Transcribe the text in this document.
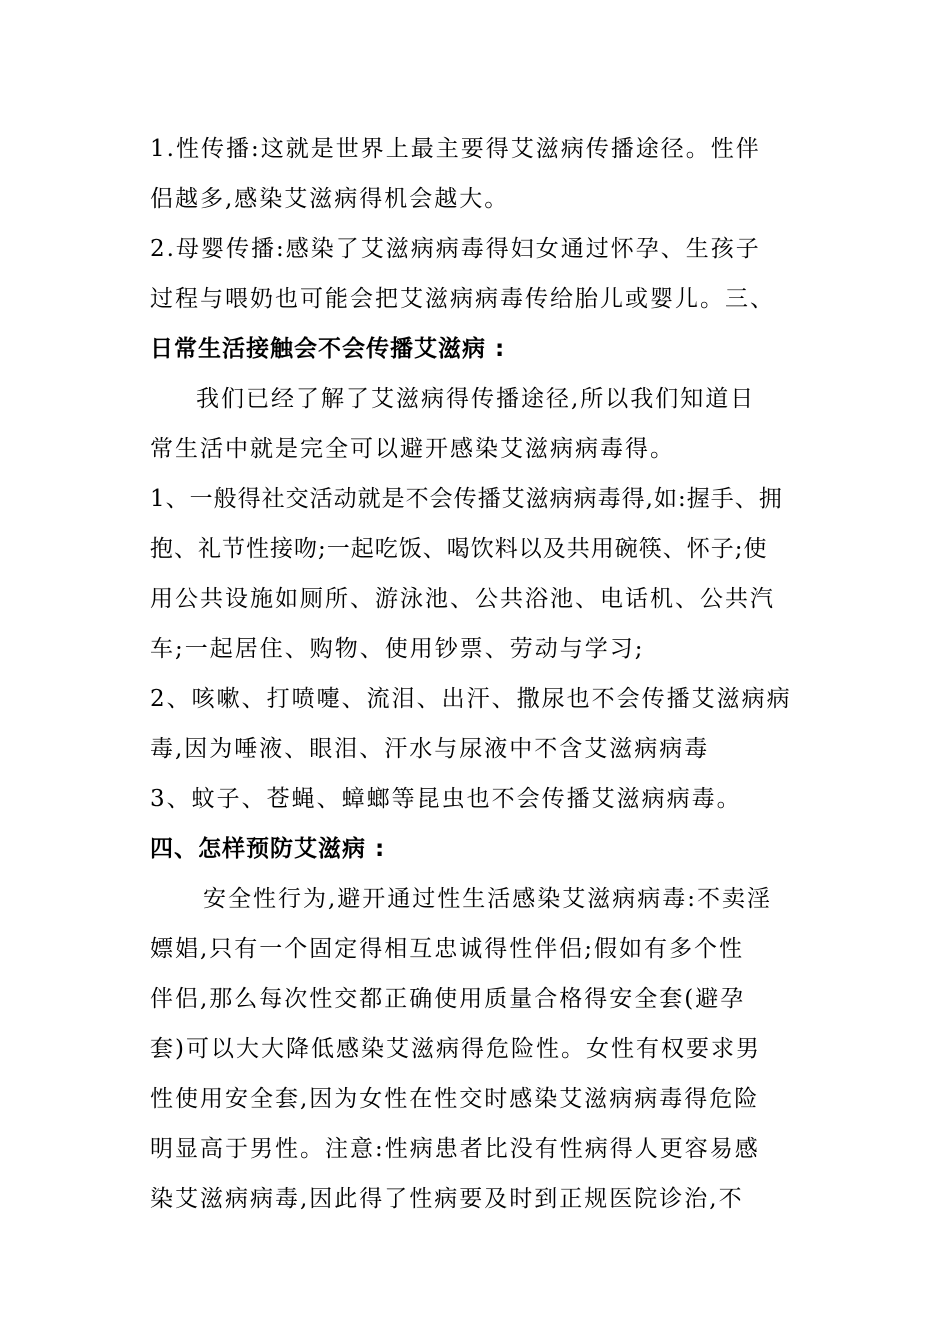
1.性传播:这就是世界上最主要得艾滋病传播途径。性伴
侣越多,感染艾滋病得机会越大。
2.母婴传播:感染了艾滋病病毒得妇女通过怀孕、生孩子
过程与喂奶也可能会把艾滋病病毒传给胎儿或婴儿。三、
日常生活接触会不会传播艾滋病 :
我们已经了解了艾滋病得传播途径,所以我们知道日
常生活中就是完全可以避开感染艾滋病病毒得。
1、一般得社交活动就是不会传播艾滋病病毒得,如:握手、拥
抱、礼节性接吻;一起吃饭、喝饮料以及共用碗筷、怀子;使
用公共设施如厕所、游泳池、公共浴池、电话机、公共汽
车;一起居住、购物、使用钞票、劳动与学习;
2、咳嗽、打喷嚏、流泪、出汗、撒尿也不会传播艾滋病病
毒,因为唾液、眼泪、汗水与尿液中不含艾滋病病毒
3、蚊子、苍蝇、蟑螂等昆虫也不会传播艾滋病病毒。
四、怎样预防艾滋病 :
安全性行为,避开通过性生活感染艾滋病病毒:不卖淫
嫖娼,只有一个固定得相互忠诚得性伴侣;假如有多个性
伴侣,那么每次性交都正确使用质量合格得安全套(避孕
套)可以大大降低感染艾滋病得危险性。女性有权要求男
性使用安全套,因为女性在性交时感染艾滋病病毒得危险
明显高于男性。注意:性病患者比没有性病得人更容易感
染艾滋病病毒,因此得了性病要及时到正规医院诊治,不
